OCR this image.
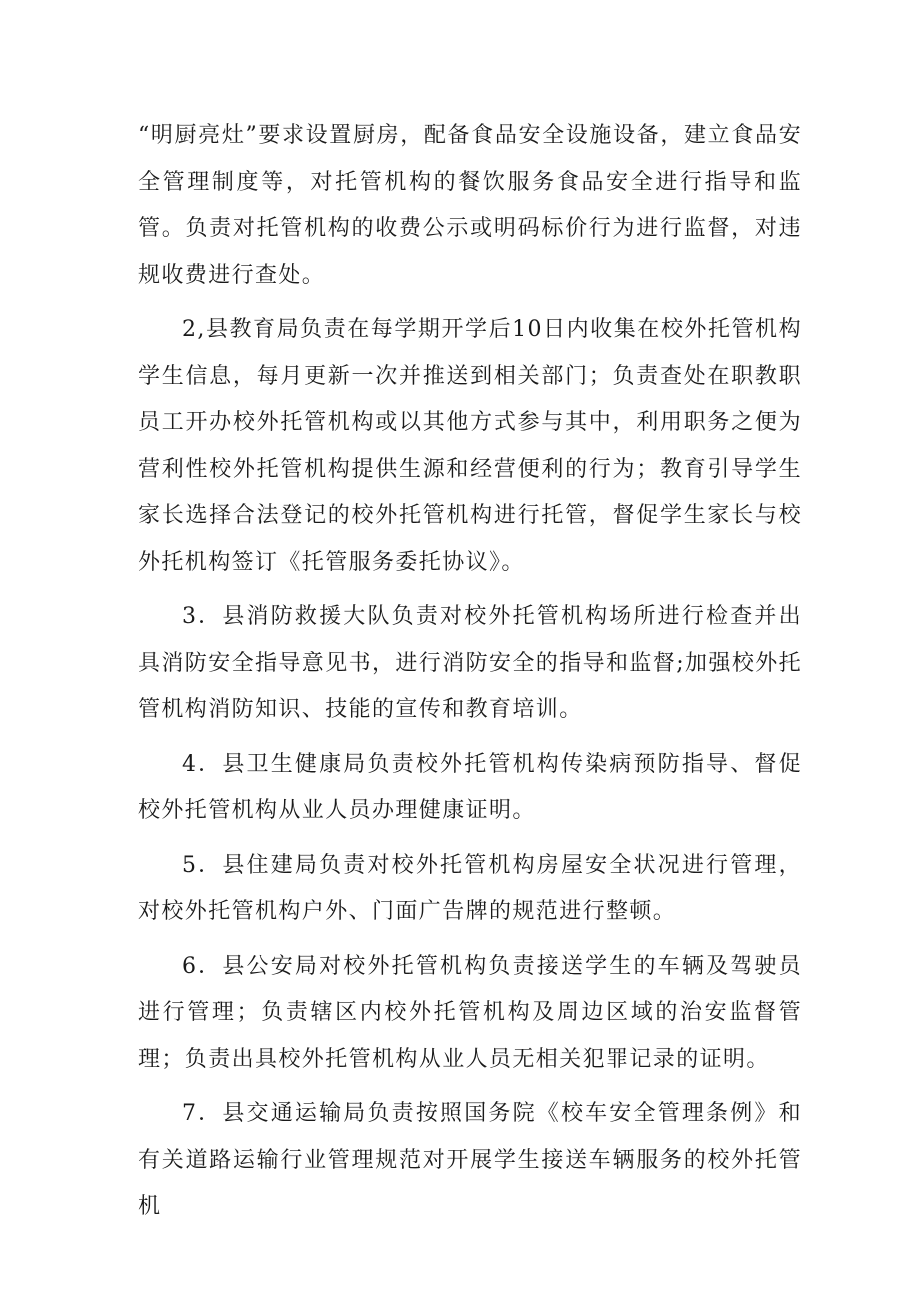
“明厨亮灶”要求设置厨房，配备食品安全设施设备，建立食品安全管理制度等，对托管机构的餐饮服务食品安全进行指导和监管。负责对托管机构的收费公示或明码标价行为进行监督，对违规收费进行查处。

2,县教育局负责在每学期开学后10日内收集在校外托管机构学生信息，每月更新一次并推送到相关部门；负责查处在职教职员工开办校外托管机构或以其他方式参与其中，利用职务之便为营利性校外托管机构提供生源和经营便利的行为；教育引导学生家长选择合法登记的校外托管机构进行托管，督促学生家长与校外托机构签订《托管服务委托协议》。

3．县消防救援大队负责对校外托管机构场所进行检查并出具消防安全指导意见书，进行消防安全的指导和监督;加强校外托管机构消防知识、技能的宣传和教育培训。

4．县卫生健康局负责校外托管机构传染病预防指导、督促校外托管机构从业人员办理健康证明。

5．县住建局负责对校外托管机构房屋安全状况进行管理，对校外托管机构户外、门面广告牌的规范进行整顿。

6．县公安局对校外托管机构负责接送学生的车辆及驾驶员进行管理；负责辖区内校外托管机构及周边区域的治安监督管理；负责出具校外托管机构从业人员无相关犯罪记录的证明。

7．县交通运输局负责按照国务院《校车安全管理条例》和有关道路运输行业管理规范对开展学生接送车辆服务的校外托管机
